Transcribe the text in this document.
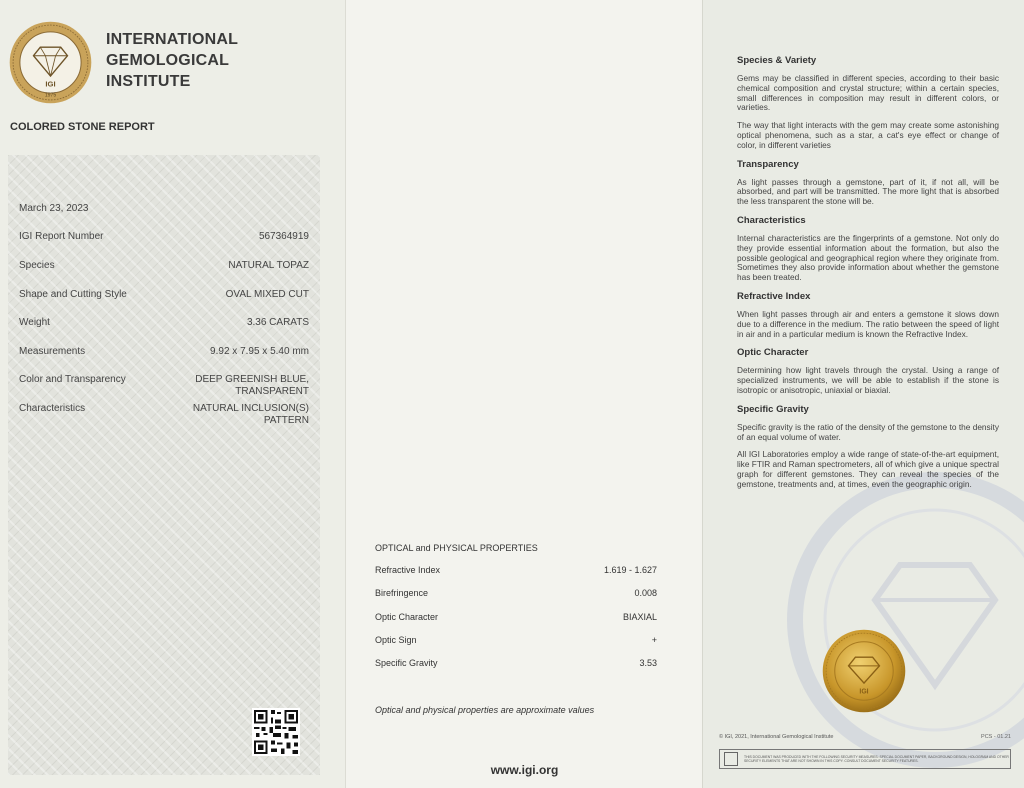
IGI
1975
INTERNATIONAL
GEMOLOGICAL
INSTITUTE
COLORED STONE REPORT
March 23, 2023
IGI Report Number	567364919
Species	NATURAL TOPAZ
Shape and Cutting Style	OVAL MIXED CUT
Weight	3.36 CARATS
Measurements	9.92 x 7.95 x 5.40 mm
Color and Transparency	DEEP GREENISH BLUE,
TRANSPARENT
Characteristics	NATURAL INCLUSION(S)
PATTERN
OPTICAL and PHYSICAL PROPERTIES
Refractive Index	1.619 - 1.627
Birefringence	0.008
Optic Character	BIAXIAL
Optic Sign	+
Specific Gravity	3.53
Optical and physical properties are approximate values
www.igi.org
Species & Variety

Gems may be classified in different species, according to their basic chemical composition and crystal structure; within a certain species, small differences in composition may result in different colors, or varieties.

The way that light interacts with the gem may create some astonishing optical phenomena, such as a star, a cat's eye effect or change of color, in different varieties

Transparency

As light passes through a gemstone, part of it, if not all, will be absorbed, and part will be transmitted. The more light that is absorbed the less transparent the stone will be.

Characteristics

Internal characteristics are the fingerprints of a gemstone. Not only do they provide essential information about the formation, but also the possible geological and geographical region where they originate from. Sometimes they also provide information about whether the gemstone has been treated.

Refractive Index

When light passes through air and enters a gemstone it slows down due to a difference in the medium. The ratio between the speed of light in air and in a particular medium is known the Refractive Index.

Optic Character

Determining how light travels through the crystal. Using a range of specialized instruments, we will be able to establish if the stone is isotropic or anisotropic, uniaxial or biaxial.

Specific Gravity

Specific gravity is the ratio of the density of the gemstone to the density of an equal volume of water.

All IGI Laboratories employ a wide range of state-of-the-art equipment, like FTIR and Raman spectrometers, all of which give a unique spectral graph for different gemstones. They can reveal the species of the gemstone, treatments and, at times, even the geographic origin.

IGI
© IGI, 2021, International Gemological Institute	PCS - 01.21
THIS DOCUMENT WAS PRODUCED WITH THE FOLLOWING SECURITY MEASURES: SPECIAL DOCUMENT PAPER, BACKGROUND DESIGN, HOLOGRAM AND OTHER SECURITY ELEMENTS THAT ARE NOT SHOWN IN THIS COPY. CONSULT DOCUMENT SECURITY FEATURES.
